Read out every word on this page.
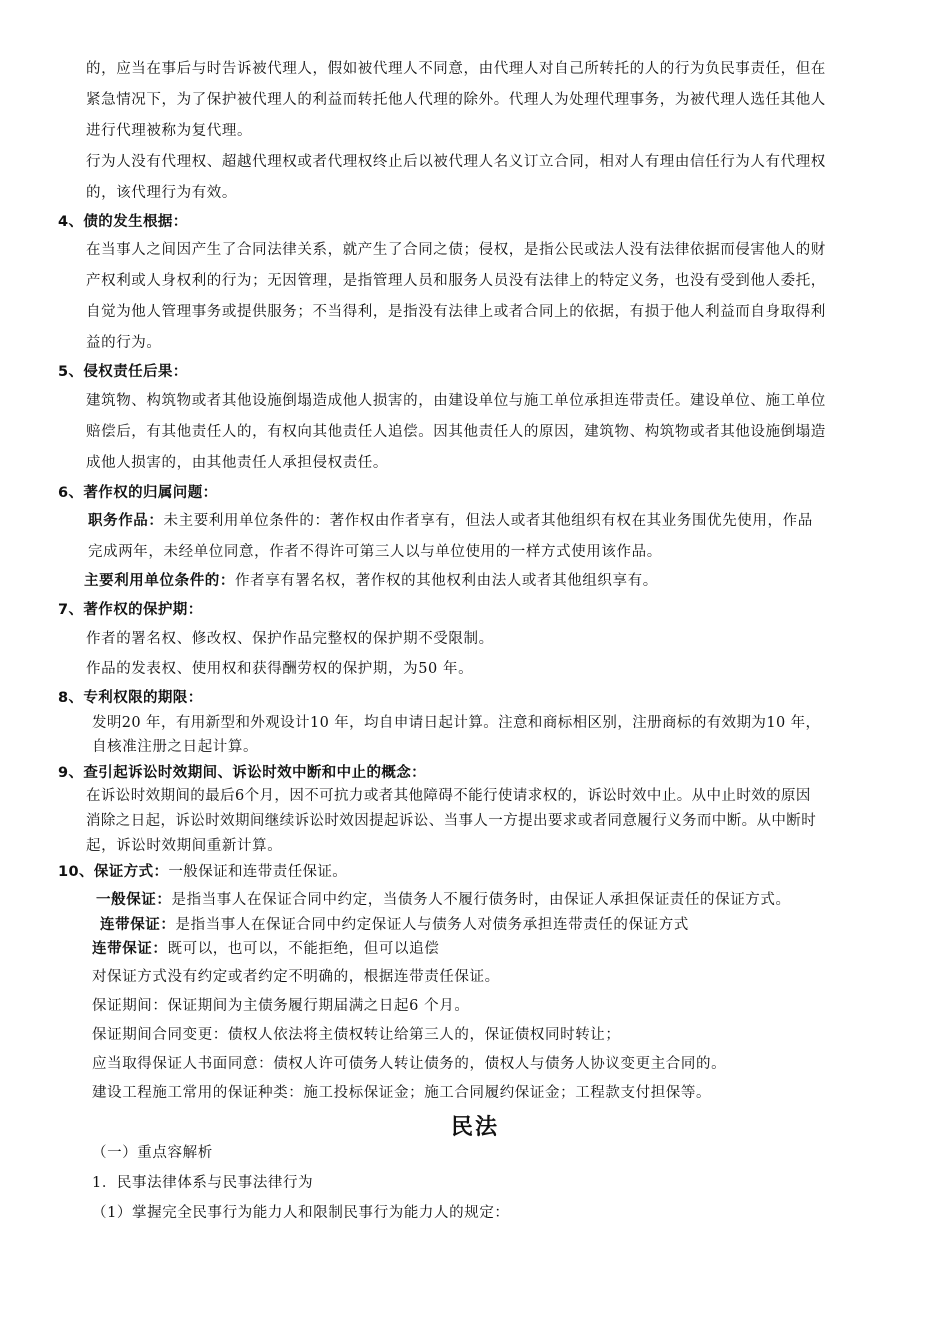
的，应当在事后与时告诉被代理人，假如被代理人不同意，由代理人对自己所转托的人的行为负民事责任，但在
紧急情况下，为了保护被代理人的利益而转托他人代理的除外。代理人为处理代理事务，为被代理人选任其他人
进行代理被称为复代理。
行为人没有代理权、超越代理权或者代理权终止后以被代理人名义订立合同，相对人有理由信任行为人有代理权
的，该代理行为有效。
4、债的发生根据：
在当事人之间因产生了合同法律关系，就产生了合同之债；侵权，是指公民或法人没有法律依据而侵害他人的财
产权利或人身权利的行为；无因管理，是指管理人员和服务人员没有法律上的特定义务，也没有受到他人委托，
自觉为他人管理事务或提供服务；不当得利，是指没有法律上或者合同上的依据，有损于他人利益而自身取得利
益的行为。
5、侵权责任后果：
建筑物、构筑物或者其他设施倒塌造成他人损害的，由建设单位与施工单位承担连带责任。建设单位、施工单位
赔偿后，有其他责任人的，有权向其他责任人追偿。因其他责任人的原因，建筑物、构筑物或者其他设施倒塌造
成他人损害的，由其他责任人承担侵权责任。
6、著作权的归属问题：
职务作品：未主要利用单位条件的：著作权由作者享有，但法人或者其他组织有权在其业务围优先使用，作品
完成两年，未经单位同意，作者不得许可第三人以与单位使用的一样方式使用该作品。
主要利用单位条件的：作者享有署名权，著作权的其他权利由法人或者其他组织享有。
7、著作权的保护期：
作者的署名权、修改权、保护作品完整权的保护期不受限制。
作品的发表权、使用权和获得酬劳权的保护期，为50 年。
8、专利权限的期限：
发明20 年，有用新型和外观设计10 年，均自申请日起计算。注意和商标相区别，注册商标的有效期为10 年，
自核准注册之日起计算。
9、查引起诉讼时效期间、诉讼时效中断和中止的概念：
在诉讼时效期间的最后6个月，因不可抗力或者其他障碍不能行使请求权的，诉讼时效中止。从中止时效的原因
消除之日起，诉讼时效期间继续诉讼时效因提起诉讼、当事人一方提出要求或者同意履行义务而中断。从中断时
起，诉讼时效期间重新计算。
10、保证方式：一般保证和连带责任保证。
一般保证：是指当事人在保证合同中约定，当债务人不履行债务时，由保证人承担保证责任的保证方式。
连带保证：是指当事人在保证合同中约定保证人与债务人对债务承担连带责任的保证方式
连带保证：既可以，也可以，不能拒绝，但可以追偿
对保证方式没有约定或者约定不明确的，根据连带责任保证。
保证期间：保证期间为主债务履行期届满之日起6 个月。
保证期间合同变更：债权人依法将主债权转让给第三人的，保证债权同时转让；
应当取得保证人书面同意：债权人许可债务人转让债务的，债权人与债务人协议变更主合同的。
建设工程施工常用的保证种类：施工投标保证金；施工合同履约保证金；工程款支付担保等。
民法
（一）重点容解析
1．民事法律体系与民事法律行为
（1）掌握完全民事行为能力人和限制民事行为能力人的规定：
